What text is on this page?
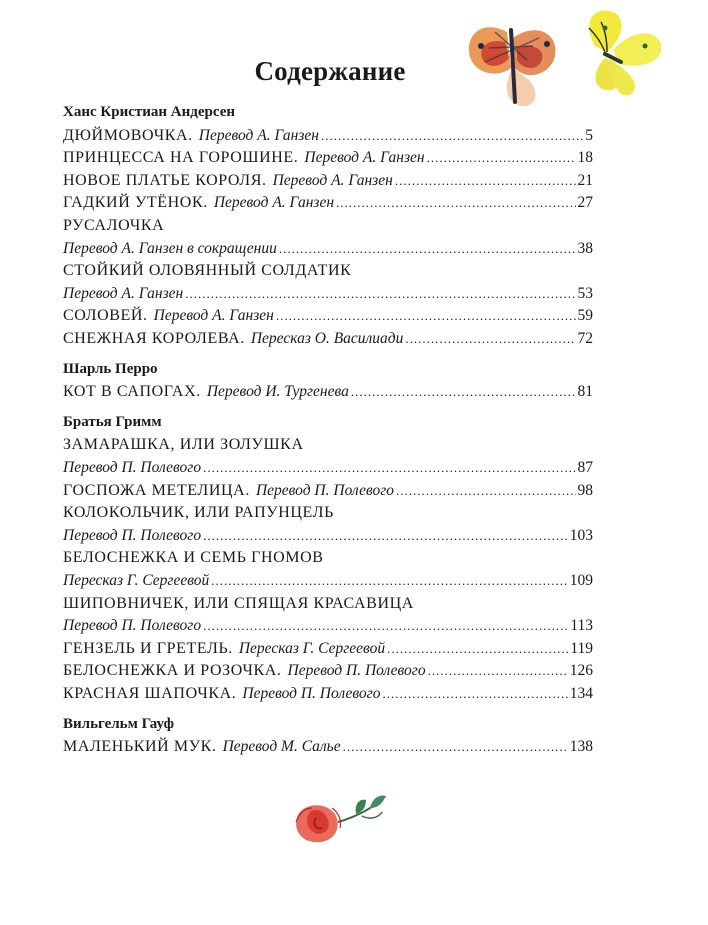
Содержание
Ханс Кристиан Андерсен
ДЮЙМОВОЧКА. Перевод А. Ганзен .....	5
ПРИНЦЕССА НА ГОРОШИНЕ. Перевод А. Ганзен .....	18
НОВОЕ ПЛАТЬЕ КОРОЛЯ. Перевод А. Ганзен .....	21
ГАДКИЙ УТЁНОК. Перевод А. Ганзен .....	27
РУСАЛОЧКА
Перевод А. Ганзен в сокращении .....	38
СТОЙКИЙ ОЛОВЯННЫЙ СОЛДАТИК
Перевод А. Ганзен .....	53
СОЛОВЕЙ. Перевод А. Ганзен .....	59
СНЕЖНАЯ КОРОЛЕВА. Пересказ О. Василиади .....	72
Шарль Перро
КОТ В САПОГАХ. Перевод И. Тургенева .....	81
Братья Гримм
ЗАМАРАШКА, ИЛИ ЗОЛУШКА
Перевод П. Полевого .....	87
ГОСПОЖА МЕТЕЛИЦА. Перевод П. Полевого .....	98
КОЛОКОЛЬЧИК, ИЛИ РАПУНЦЕЛЬ
Перевод П. Полевого .....	103
БЕЛОСНЕЖКА И СЕМЬ ГНОМОВ
Пересказ Г. Сергеевой .....	109
ШИПОВНИЧЕК, ИЛИ СПЯЩАЯ КРАСАВИЦА
Перевод П. Полевого .....	113
ГЕНЗЕЛЬ И ГРЕТЕЛЬ. Пересказ Г. Сергеевой .....	119
БЕЛОСНЕЖКА И РОЗОЧКА. Перевод П. Полевого .....	126
КРАСНАЯ ШАПОЧКА. Перевод П. Полевого .....	134
Вильгельм Гауф
МАЛЕНЬКИЙ МУК. Перевод М. Салье .....	138
